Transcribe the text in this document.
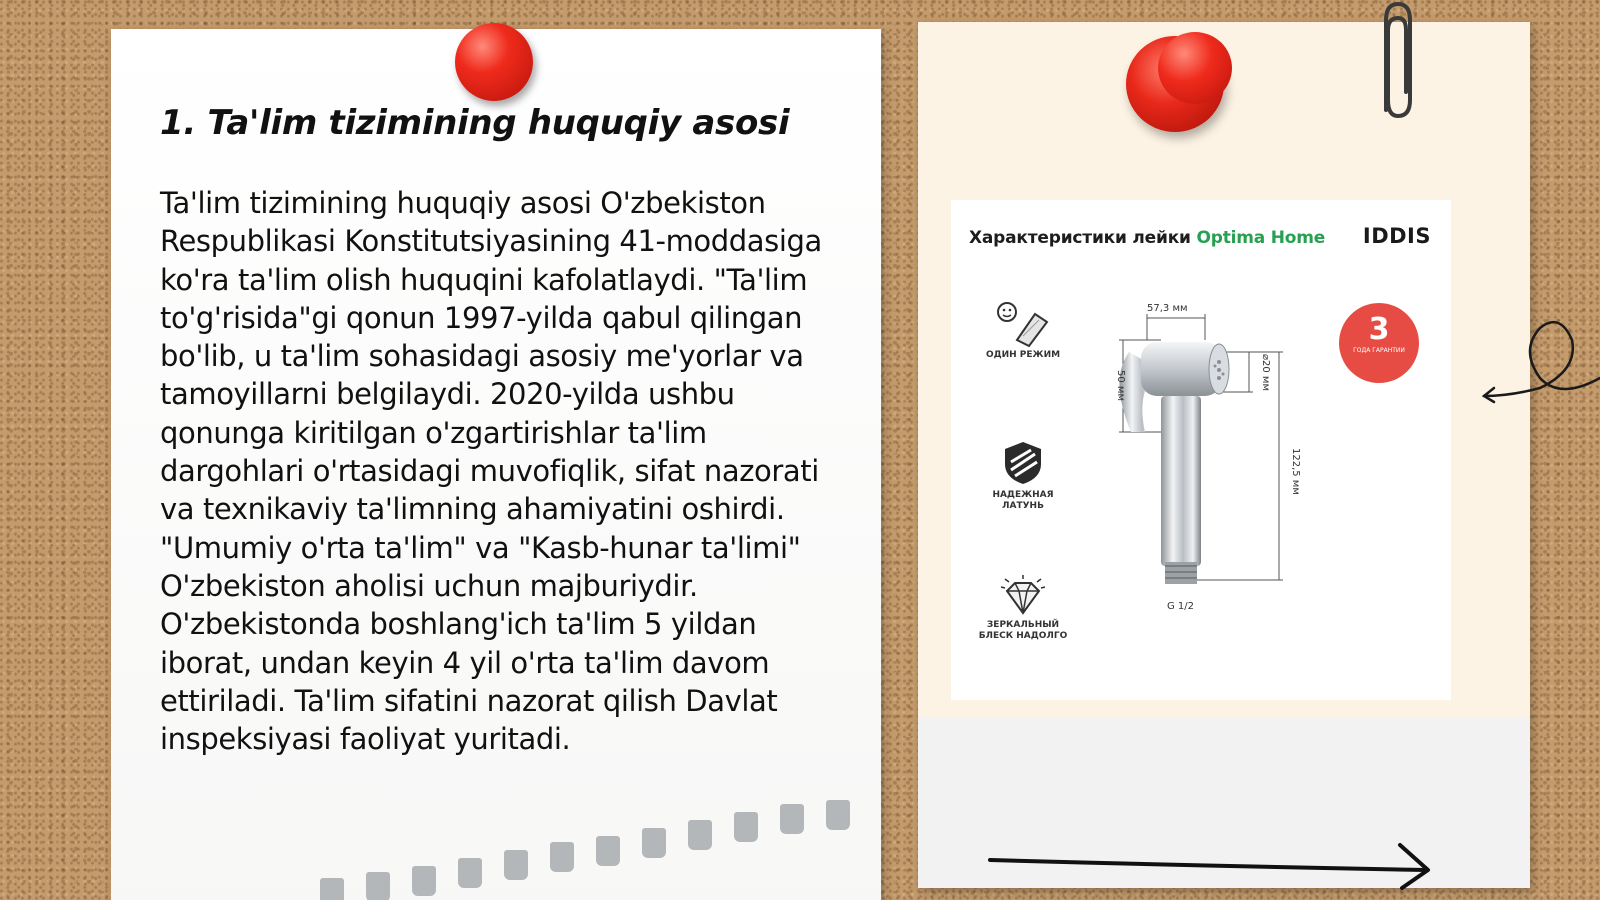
1. Ta'lim tizimining huquqiy asosi

Ta'lim tizimining huquqiy asosi O'zbekiston Respublikasi Konstitutsiyasining 41-moddasiga ko'ra ta'lim olish huquqini kafolatlaydi. "Ta'lim to'g'risida"gi qonun 1997-yilda qabul qilingan bo'lib, u ta'lim sohasidagi asosiy me'yorlar va tamoyillarni belgilaydi. 2020-yilda ushbu qonunga kiritilgan o'zgartirishlar ta'lim dargohlari o'rtasidagi muvofiqlik, sifat nazorati va texnikaviy ta'limning ahamiyatini oshirdi. "Umumiy o'rta ta'lim" va "Kasb-hunar ta'limi" O'zbekiston aholisi uchun majburiydir. O'zbekistonda boshlang'ich ta'lim 5 yildan iborat, undan keyin 4 yil o'rta ta'lim davom ettiriladi. Ta'lim sifatini nazorat qilish Davlat inspeksiyasi faoliyat yuritadi.

Характеристики лейки Optima Home IDDIS
ОДИН РЕЖИМ
НАДЕЖНАЯ ЛАТУНЬ
ЗЕРКАЛЬНЫЙ БЛЕСК НАДОЛГО
57,3 мм
50 мм	⌀20 мм
122,5 мм
G 1/2
3
ГОДА ГАРАНТИИ
